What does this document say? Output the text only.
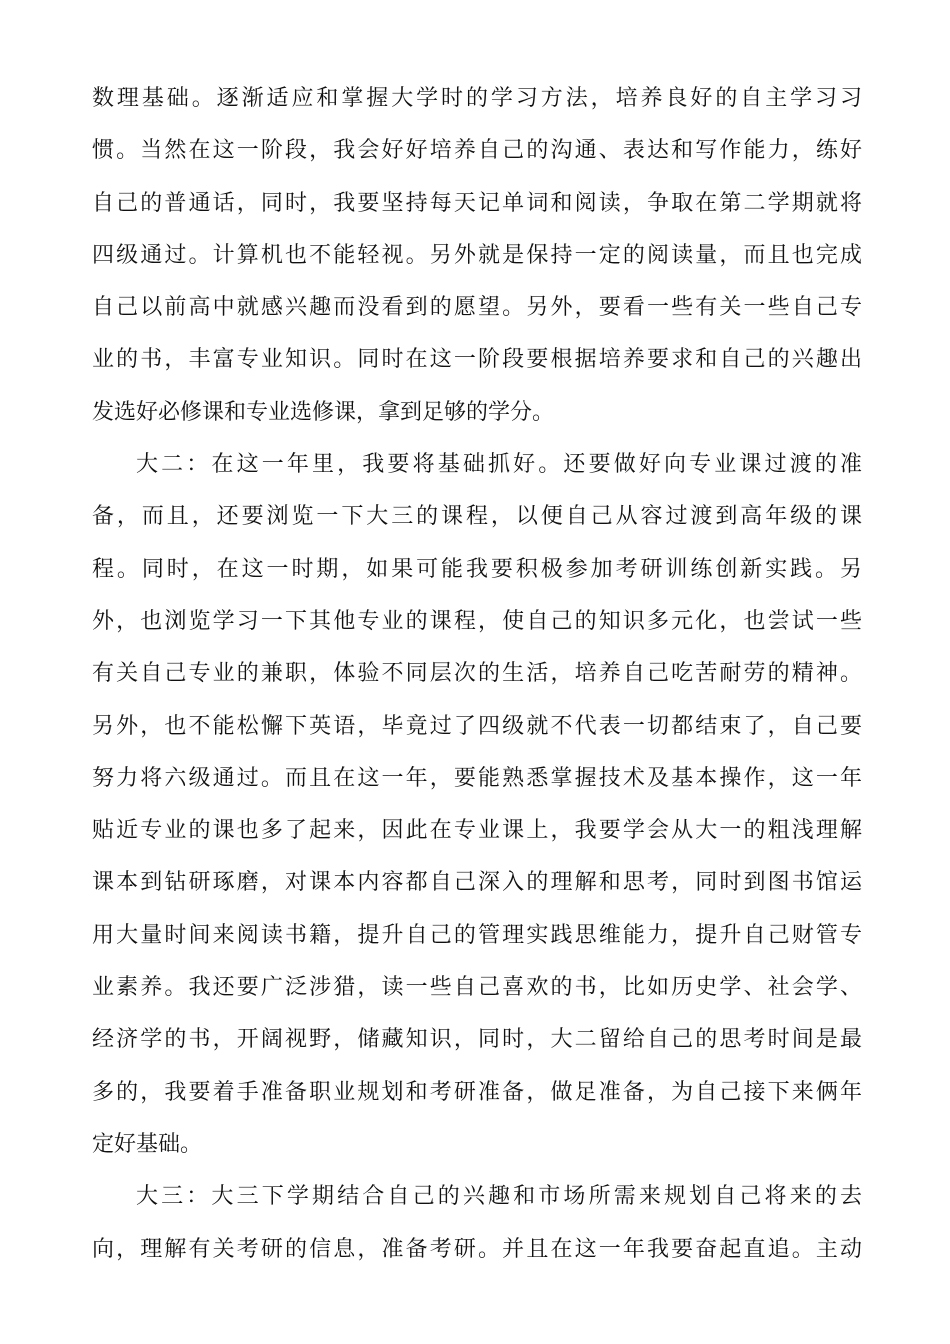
数理基础。逐渐适应和掌握大学时的学习方法，培养良好的自主学习习
惯。当然在这一阶段，我会好好培养自己的沟通、表达和写作能力，练好
自己的普通话，同时，我要坚持每天记单词和阅读，争取在第二学期就将
四级通过。计算机也不能轻视。另外就是保持一定的阅读量，而且也完成
自己以前高中就感兴趣而没看到的愿望。另外，要看一些有关一些自己专
业的书，丰富专业知识。同时在这一阶段要根据培养要求和自己的兴趣出
发选好必修课和专业选修课，拿到足够的学分。
大二：在这一年里，我要将基础抓好。还要做好向专业课过渡的准
备，而且，还要浏览一下大三的课程，以便自己从容过渡到高年级的课
程。同时，在这一时期，如果可能我要积极参加考研训练创新实践。另
外，也浏览学习一下其他专业的课程，使自己的知识多元化，也尝试一些
有关自己专业的兼职，体验不同层次的生活，培养自己吃苦耐劳的精神。
另外，也不能松懈下英语，毕竟过了四级就不代表一切都结束了，自己要
努力将六级通过。而且在这一年，要能熟悉掌握技术及基本操作，这一年
贴近专业的课也多了起来，因此在专业课上，我要学会从大一的粗浅理解
课本到钻研琢磨，对课本内容都自己深入的理解和思考，同时到图书馆运
用大量时间来阅读书籍，提升自己的管理实践思维能力，提升自己财管专
业素养。我还要广泛涉猎，读一些自己喜欢的书，比如历史学、社会学、
经济学的书，开阔视野，储藏知识，同时，大二留给自己的思考时间是最
多的，我要着手准备职业规划和考研准备，做足准备，为自己接下来俩年
定好基础。
大三：大三下学期结合自己的兴趣和市场所需来规划自己将来的去
向，理解有关考研的信息，准备考研。并且在这一年我要奋起直追。主动
